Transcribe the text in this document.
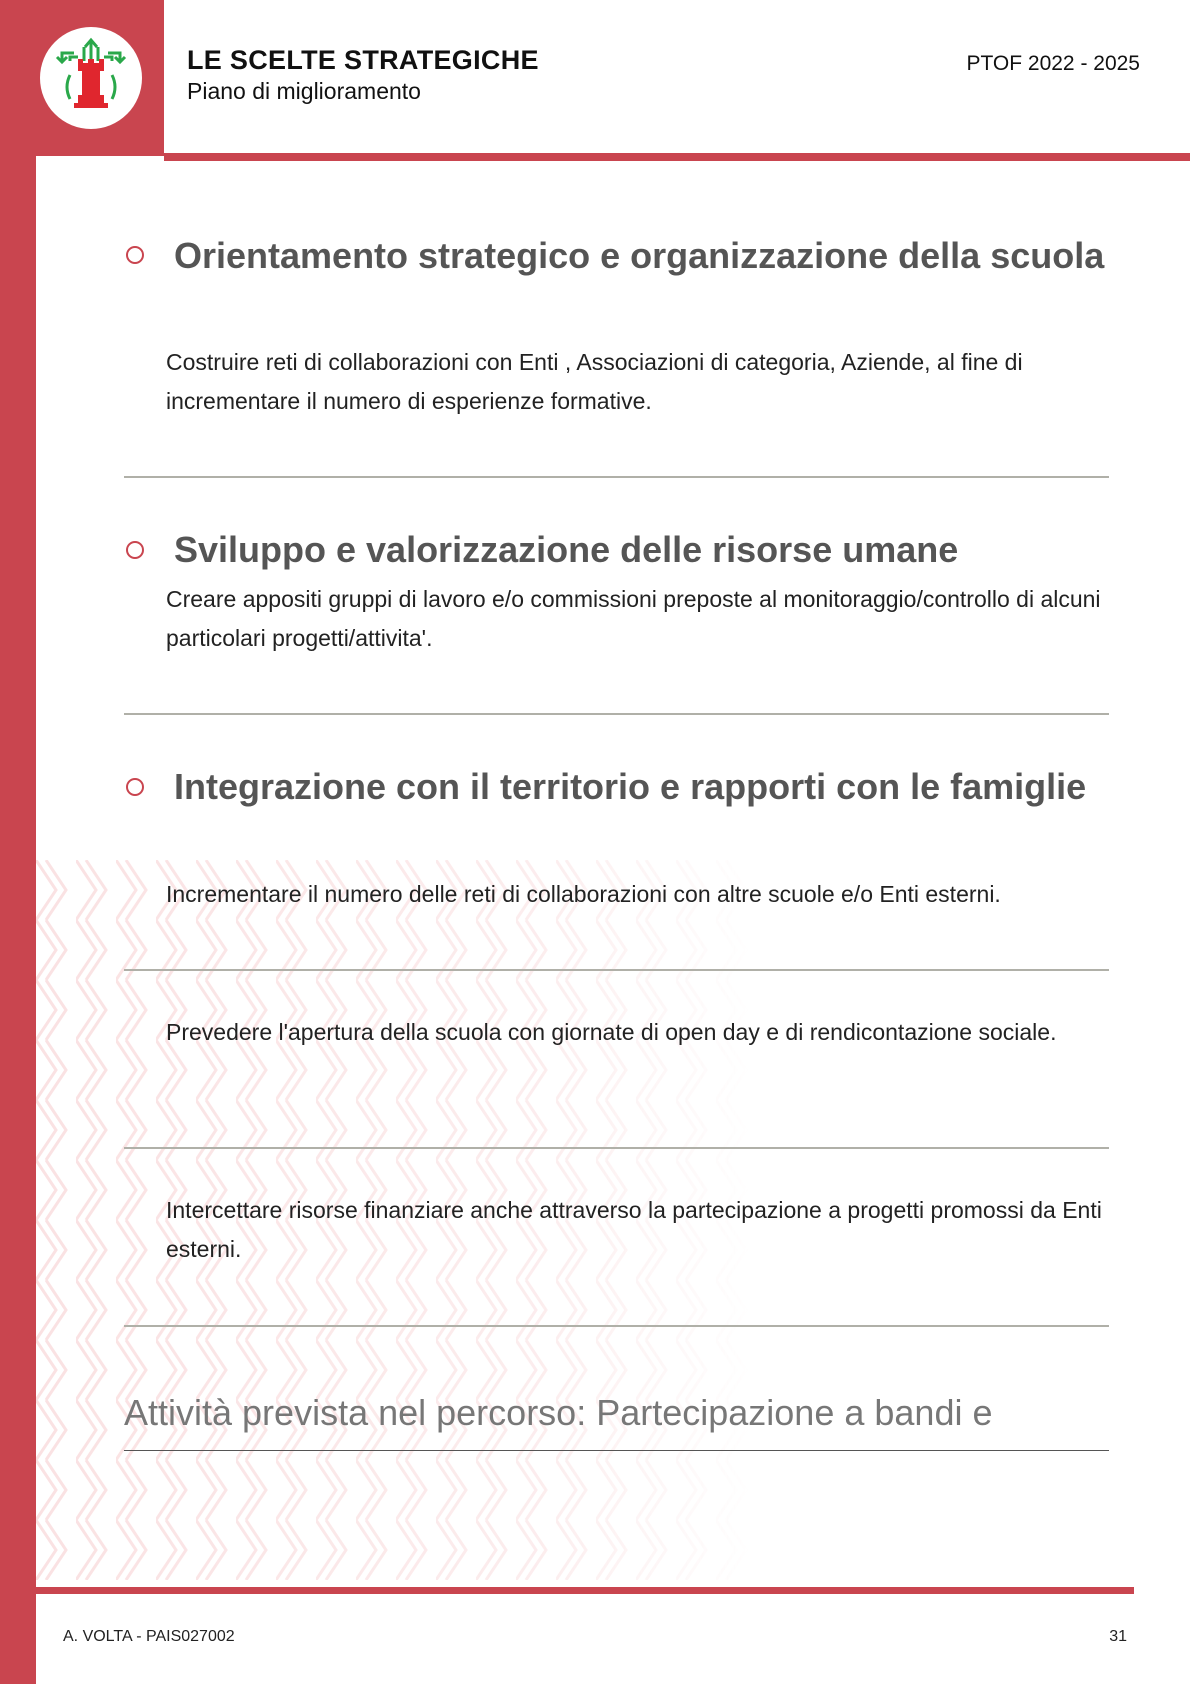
LE SCELTE STRATEGICHE
Piano di miglioramento
PTOF 2022 - 2025
Orientamento strategico e organizzazione della scuola
Costruire reti di collaborazioni con Enti , Associazioni di categoria, Aziende, al fine di incrementare il numero di esperienze formative.
Sviluppo e valorizzazione delle risorse umane
Creare appositi gruppi di lavoro e/o commissioni preposte al monitoraggio/controllo di alcuni particolari progetti/attivita'.
Integrazione con il territorio e rapporti con le famiglie
Incrementare il numero delle reti di collaborazioni con altre scuole e/o Enti esterni.
Prevedere l'apertura della scuola con giornate di open day e di rendicontazione sociale.
Intercettare risorse finanziare anche attraverso la partecipazione a progetti promossi da Enti esterni.
Attività prevista nel percorso: Partecipazione a bandi e
A. VOLTA - PAIS027002	31
